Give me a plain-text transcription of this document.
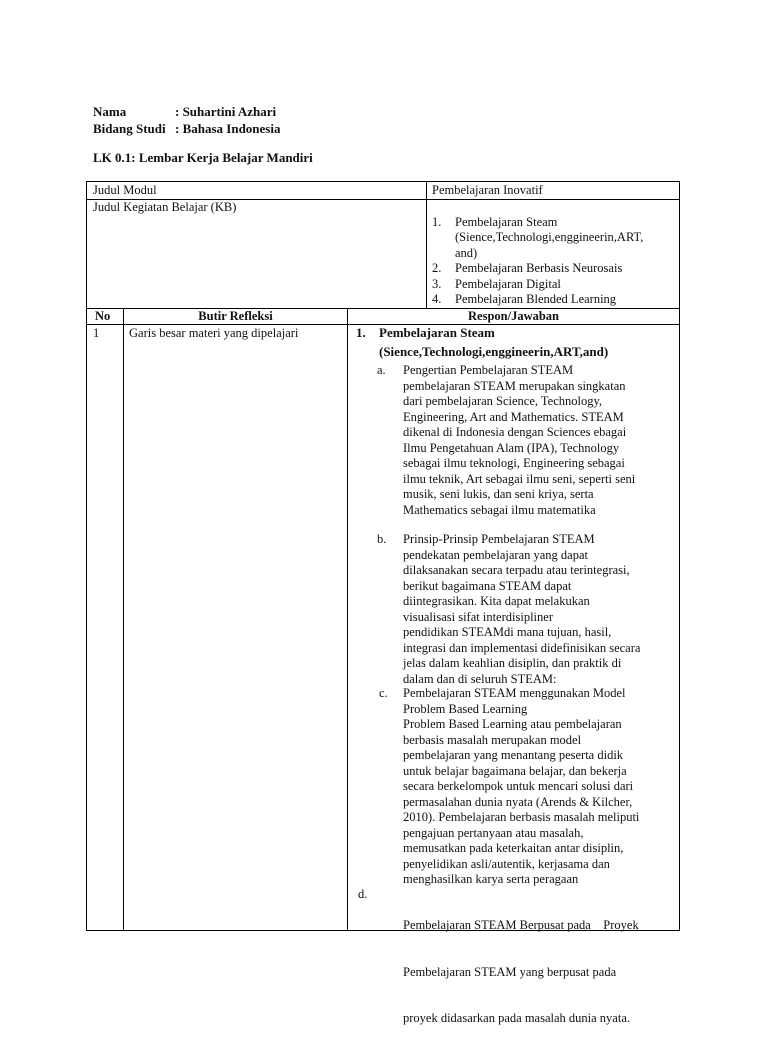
Nama	: Suhartini Azhari
Bidang Studi : Bahasa Indonesia
LK 0.1: Lembar Kerja Belajar Mandiri
Judul Modul	Pembelajaran Inovatif
Judul Kegiatan Belajar (KB)
1. Pembelajaran Steam
(Sience,Technologi,enggineerin,ART,
and)
2. Pembelajaran Berbasis Neurosais
3. Pembelajaran Digital
4. Pembelajaran Blended Learning
No	Butir Refleksi	Respon/Jawaban
1 Garis besar materi yang dipelajari	1. Pembelajaran Steam
(Sience,Technologi,enggineerin,ART,and)
a. Pengertian Pembelajaran STEAM
pembelajaran STEAM merupakan singkatan
dari pembelajaran Science, Technology,
Engineering, Art and Mathematics. STEAM
dikenal di Indonesia dengan Sciences ebagai
Ilmu Pengetahuan Alam (IPA), Technology
sebagai ilmu teknologi, Engineering sebagai
ilmu teknik, Art sebagai ilmu seni, seperti seni
musik, seni lukis, dan seni kriya, serta
Mathematics sebagai ilmu matematika
b. Prinsip-Prinsip Pembelajaran STEAM
pendekatan pembelajaran yang dapat
dilaksanakan secara terpadu atau terintegrasi,
berikut bagaimana STEAM dapat
diintegrasikan. Kita dapat melakukan
visualisasi sifat interdisipliner
pendidikan STEAMdi mana tujuan, hasil,
integrasi dan implementasi didefinisikan secara
jelas dalam keahlian disiplin, dan praktik di
dalam dan di seluruh STEAM:
c. Pembelajaran STEAM menggunakan Model
Problem Based Learning
Problem Based Learning atau pembelajaran
berbasis masalah merupakan model
pembelajaran yang menantang peserta didik
untuk belajar bagaimana belajar, dan bekerja
secara berkelompok untuk mencari solusi dari
permasalahan dunia nyata (Arends & Kilcher,
2010). Pembelajaran berbasis masalah meliputi
pengajuan pertanyaan atau masalah,
memusatkan pada keterkaitan antar disiplin,
penyelidikan asli/autentik, kerjasama dan
menghasilkan karya serta peragaan
d.

Pembelajaran STEAM Berpusat pada    Proyek

Pembelajaran STEAM yang berpusat pada

proyek didasarkan pada masalah dunia nyata.
